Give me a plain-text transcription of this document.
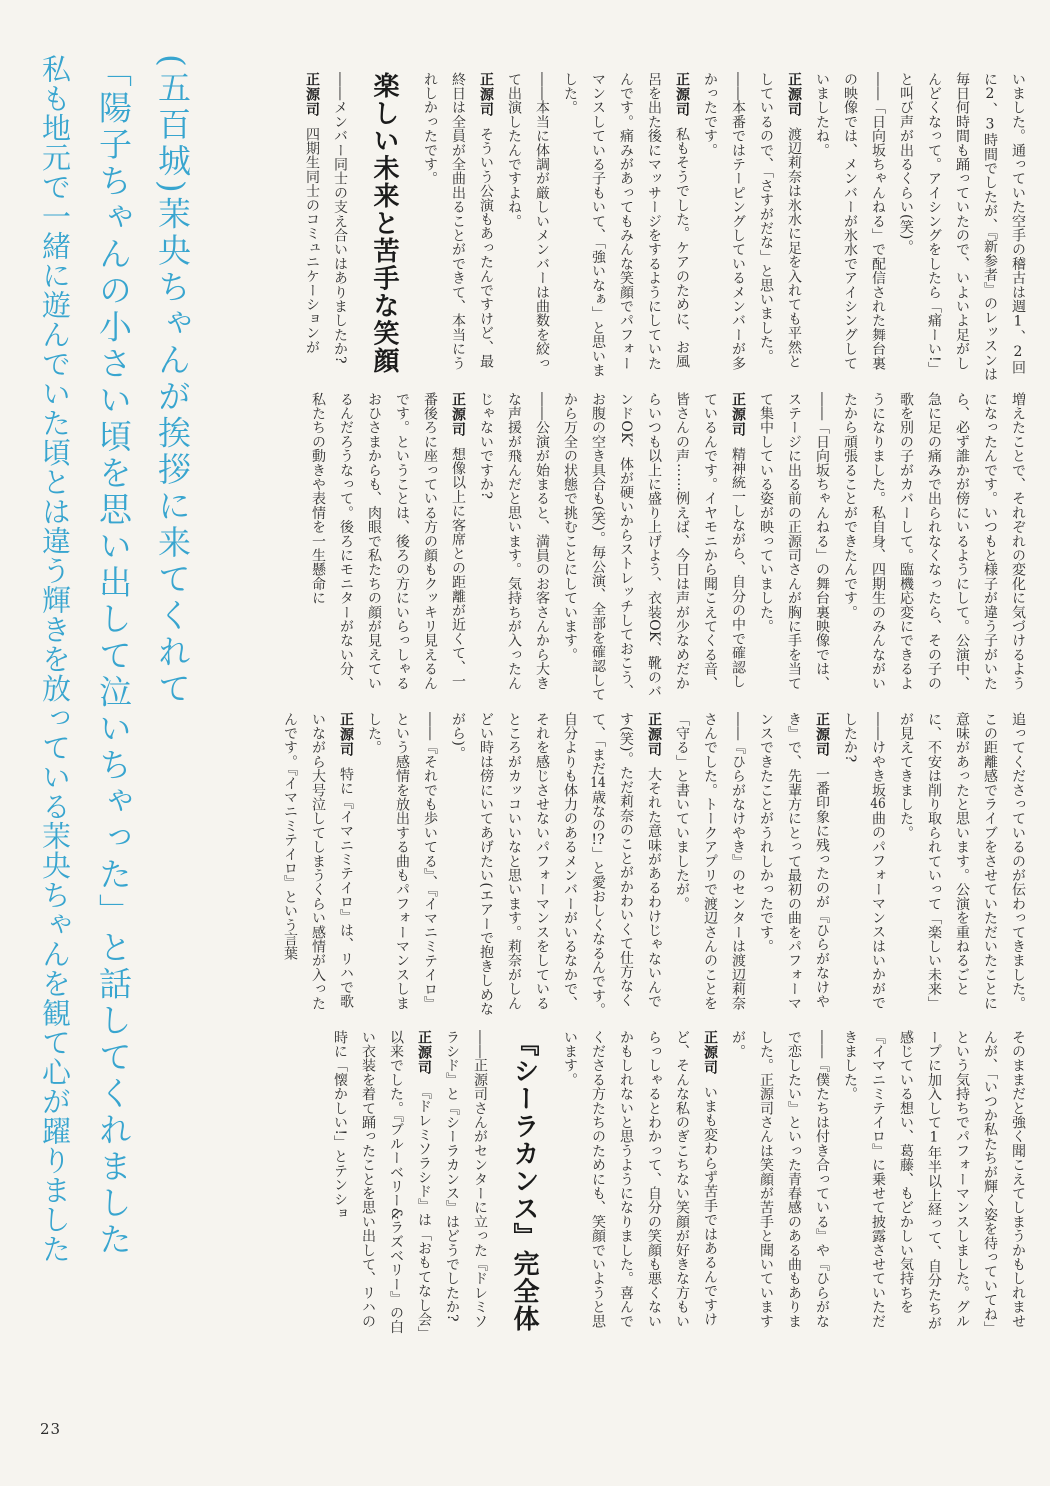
(五百城)茉央ちゃんが挨拶に来てくれて

「陽子ちゃんの小さい頃を思い出して泣いちゃった」と話してくれました

私も地元で一緒に遊んでいた頃とは違う輝きを放っている茉央ちゃんを観て心が躍りました	いました。通っていた空手の稽古は週1、2回に2、3時間でしたが、『新参者』のレッスンは毎日何時間も踊っていたので、いよいよ足がしんどくなって。アイシングをしたら「痛ーい!」と叫び声が出るくらい(笑)。

――「日向坂ちゃんねる」で配信された舞台裏の映像では、メンバーが氷水でアイシングしていましたね。

正源司渡辺莉奈は氷水に足を入れても平然としているので、「さすがだな」と思いました。

――本番ではテーピングしているメンバーが多かったです。

正源司私もそうでした。ケアのために、お風呂を出た後にマッサージをするようにしていたんです。痛みがあってもみんな笑顔でパフォーマンスしている子もいて、「強いなぁ」と思いました。

――本当に体調が厳しいメンバーは曲数を絞って出演したんですよね。

正源司そういう公演もあったんですけど、最終日は全員が全曲出ることができて、本当にうれしかったです。

楽しい未来と苦手な笑顔

――メンバー同士の支え合いはありましたか?

正源司四期生同士のコミュニケーションが

増えたことで、それぞれの変化に気づけるようになったんです。いつもと様子が違う子がいたら、必ず誰かが傍にいるようにして。公演中、急に足の痛みで出られなくなったら、その子の歌を別の子がカバーして。臨機応変にできるようになりました。私自身、四期生のみんながいたから頑張ることができたんです。

――「日向坂ちゃんねる」の舞台裏映像では、ステージに出る前の正源司さんが胸に手を当てて集中している姿が映っていました。

正源司精神統一しながら、自分の中で確認しているんです。イヤモニから聞こえてくる音、皆さんの声……例えば、今日は声が少なめだからいつも以上に盛り上げよう、衣装OK、靴のバンドOK、体が硬いからストレッチしておこう、お腹の空き具合も(笑)。毎公演、全部を確認してから万全の状態で挑むことにしています。

――公演が始まると、満員のお客さんから大きな声援が飛んだと思います。気持ちが入ったんじゃないですか?

正源司想像以上に客席との距離が近くて、一番後ろに座っている方の顔もクッキリ見えるんです。ということは、後ろの方にいらっしゃるおひさまからも、肉眼で私たちの顔が見えているんだろうなって。後ろにモニターがない分、私たちの動きや表情を一生懸命に

追ってくださっているのが伝わってきました。この距離感でライブをさせていただいたことに意味があったと思います。公演を重ねるごとに、不安は削り取られていって「楽しい未来」が見えてきました。

――けやき坂46曲のパフォーマンスはいかがでしたか?

正源司一番印象に残ったのが『ひらがなけやき』で、先輩方にとって最初の曲をパフォーマンスできたことがうれしかったです。

――『ひらがなけやき』のセンターは渡辺莉奈さんでした。トークアプリで渡辺さんのことを「守る」と書いていましたが。

正源司大それた意味があるわけじゃないんです(笑)。ただ莉奈のことがかわいくて仕方なくて、「まだ14歳なの!?」と愛おしくなるんです。自分よりも体力のあるメンバーがいるなかで、それを感じさせないパフォーマンスをしているところがカッコいいなと思います。莉奈がしんどい時は傍にいてあげたい(エアーで抱きしめながら)。

――『それでも歩いてる』、『イマニミテイロ』という感情を放出する曲もパフォーマンスしました。

正源司特に『イマニミテイロ』は、リハで歌いながら大号泣してしまうくらい感情が入ったんです。『イマニミテイロ』という言葉

そのままだと強く聞こえてしまうかもしれませんが、「いつか私たちが輝く姿を待っていてね」という気持ちでパフォーマンスしました。グループに加入して1年半以上経って、自分たちが感じている想い、葛藤、もどかしい気持ちを『イマニミテイロ』に乗せて披露させていただきました。

――『僕たちは付き合っている』や『ひらがなで恋したい』といった青春感のある曲もありました。正源司さんは笑顔が苦手と聞いていますが。

正源司いまも変わらず苦手ではあるんですけど、そんな私のぎこちない笑顔が好きな方もいらっしゃるとわかって、自分の笑顔も悪くないかもしれないと思うようになりました。喜んでくださる方たちのためにも、笑顔でいようと思います。

『シーラカンス』完全体

――正源司さんがセンターに立った『ドレミソラシド』と『シーラカンス』はどうでしたか?

正源司『ドレミソラシド』は「おもてなし会」以来でした。『ブルーベリー&ラズベリー』の白い衣装を着て踊ったことを思い出して、リハの時に「懐かしい!」とテンショ

23
